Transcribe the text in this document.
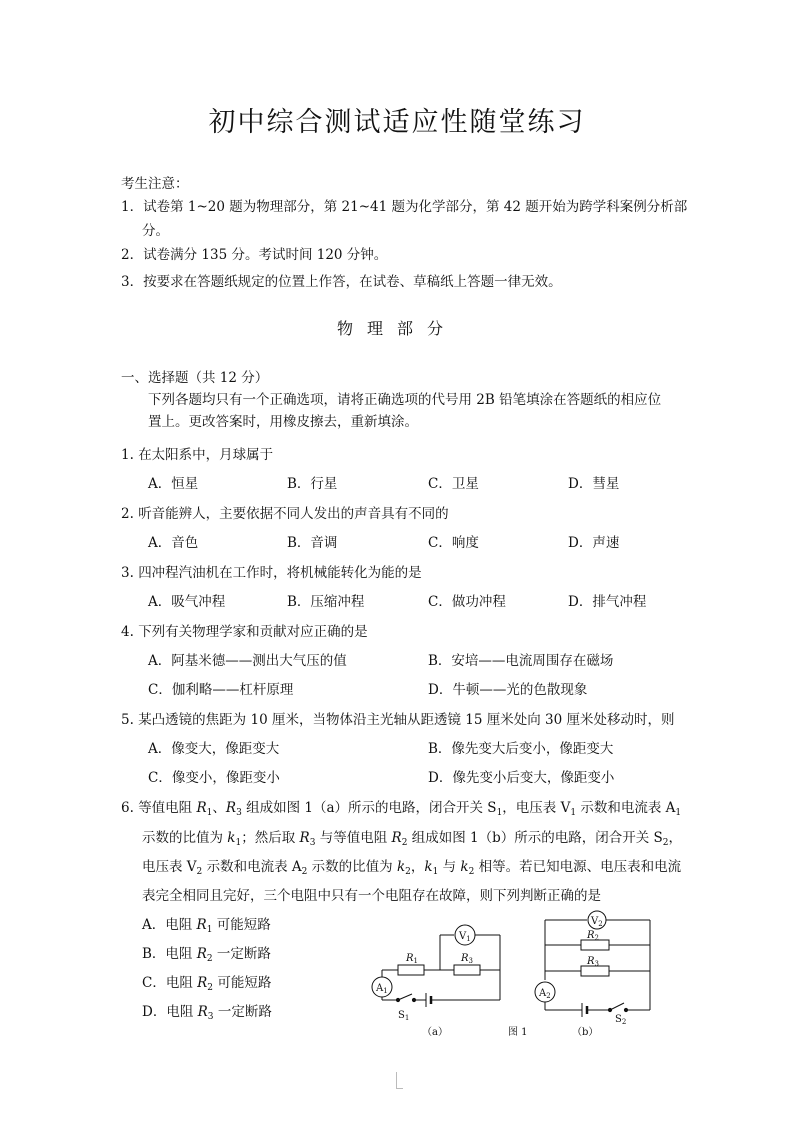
初中综合测试适应性随堂练习
考生注意：
1．试卷第 1~20 题为物理部分，第 21~41 题为化学部分，第 42 题开始为跨学科案例分析部
分。
2．试卷满分 135 分。考试时间 120 分钟。
3．按要求在答题纸规定的位置上作答，在试卷、草稿纸上答题一律无效。
物理部分
一、选择题（共 12 分）
下列各题均只有一个正确选项，请将正确选项的代号用 2B 铅笔填涂在答题纸的相应位
置上。更改答案时，用橡皮擦去，重新填涂。
1. 在太阳系中，月球属于
A．恒星	B．行星	C．卫星	D．彗星
2. 听音能辨人，主要依据不同人发出的声音具有不同的
A．音色	B．音调	C．响度	D．声速
3. 四冲程汽油机在工作时，将机械能转化为能的是
A．吸气冲程	B．压缩冲程	C．做功冲程	D．排气冲程
4. 下列有关物理学家和贡献对应正确的是
A．阿基米德——测出大气压的值	B．安培——电流周围存在磁场
C．伽利略——杠杆原理	D．牛顿——光的色散现象
5. 某凸透镜的焦距为 10 厘米，当物体沿主光轴从距透镜 15 厘米处向 30 厘米处移动时，则
A．像变大，像距变大	B．像先变大后变小，像距变大
C．像变小，像距变小	D．像先变小后变大，像距变小
6. 等值电阻 $R_1$、$R_3$ 组成如图 1（a）所示的电路，闭合开关 $S_1$，电压表 $V_1$ 示数和电流表 $A_1$
示数的比值为 $k_1$；然后取 $R_3$ 与等值电阻 $R_2$ 组成如图 1（b）所示的电路，闭合开关 $S_2$，
电压表 $V_2$ 示数和电流表 $A_2$ 示数的比值为 $k_2$，$k_1$ 与 $k_2$ 相等。若已知电源、电压表和电流
表完全相同且完好，三个电阻中只有一个电阻存在故障，则下列判断正确的是
A．电阻 $R_1$ 可能短路
B．电阻 $R_2$ 一定断路
C．电阻 $R_2$ 可能短路
D．电阻 $R_3$ 一定断路
$R_1$	$R_3$
$V_1$
$A_1$
$S_1$
$V_2$
$R_2$
$R_3$
$A_2$
$S_2$
（a）	图 1	（b）
